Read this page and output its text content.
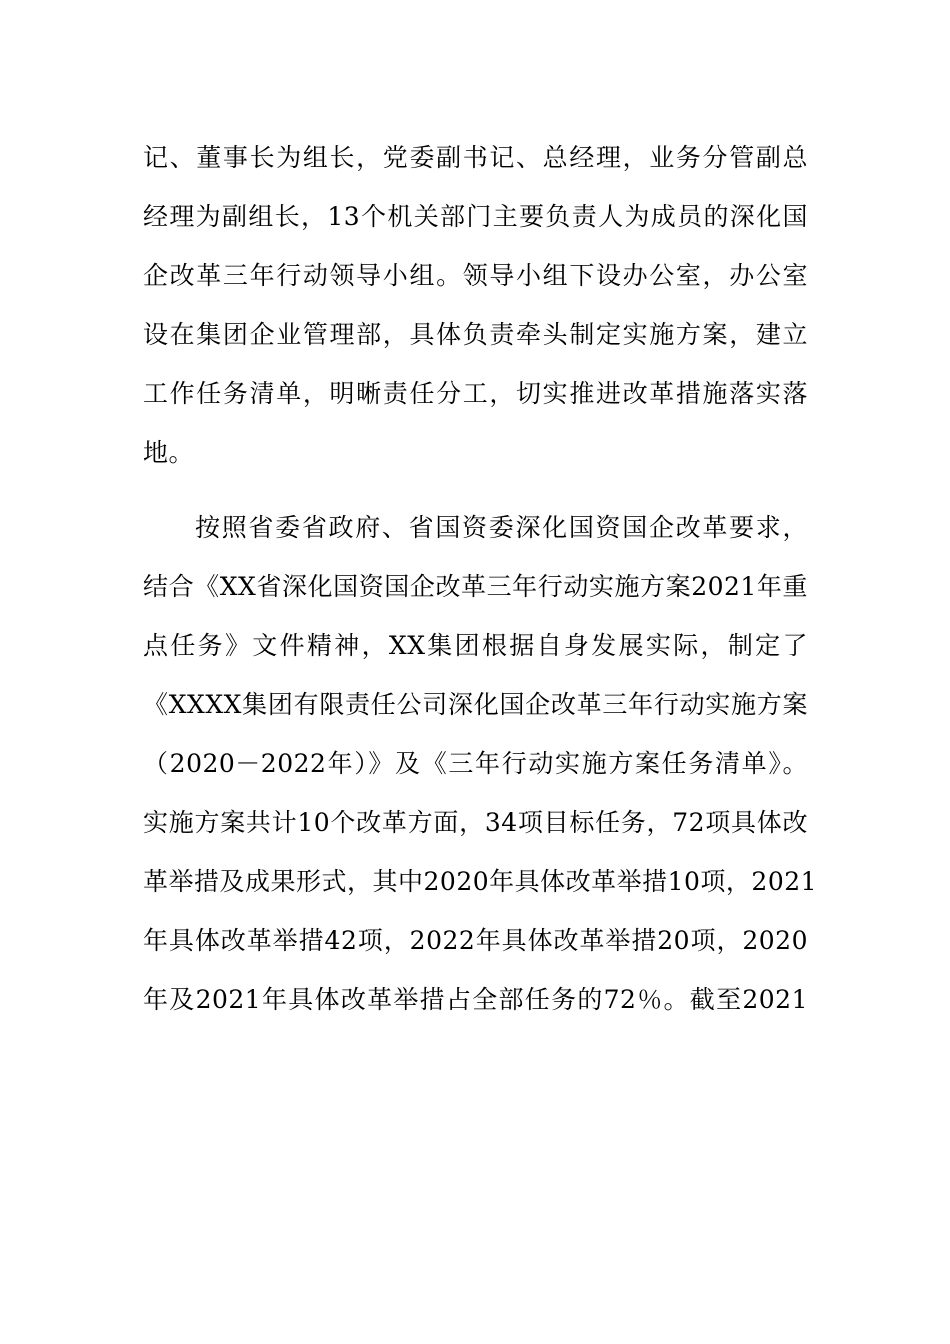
记、董事长为组长，党委副书记、总经理，业务分管副总
经理为副组长，13个机关部门主要负责人为成员的深化国
企改革三年行动领导小组。领导小组下设办公室，办公室
设在集团企业管理部，具体负责牵头制定实施方案，建立
工作任务清单，明晰责任分工，切实推进改革措施落实落
地。
按照省委省政府、省国资委深化国资国企改革要求，
结合《XX省深化国资国企改革三年行动实施方案2021年重
点任务》文件精神，XX集团根据自身发展实际，制定了
《XXXX集团有限责任公司深化国企改革三年行动实施方案
（2020－2022年）》及《三年行动实施方案任务清单》。
实施方案共计10个改革方面，34项目标任务，72项具体改
革举措及成果形式，其中2020年具体改革举措10项，2021
年具体改革举措42项，2022年具体改革举措20项，2020
年及2021年具体改革举措占全部任务的72％。截至2021
